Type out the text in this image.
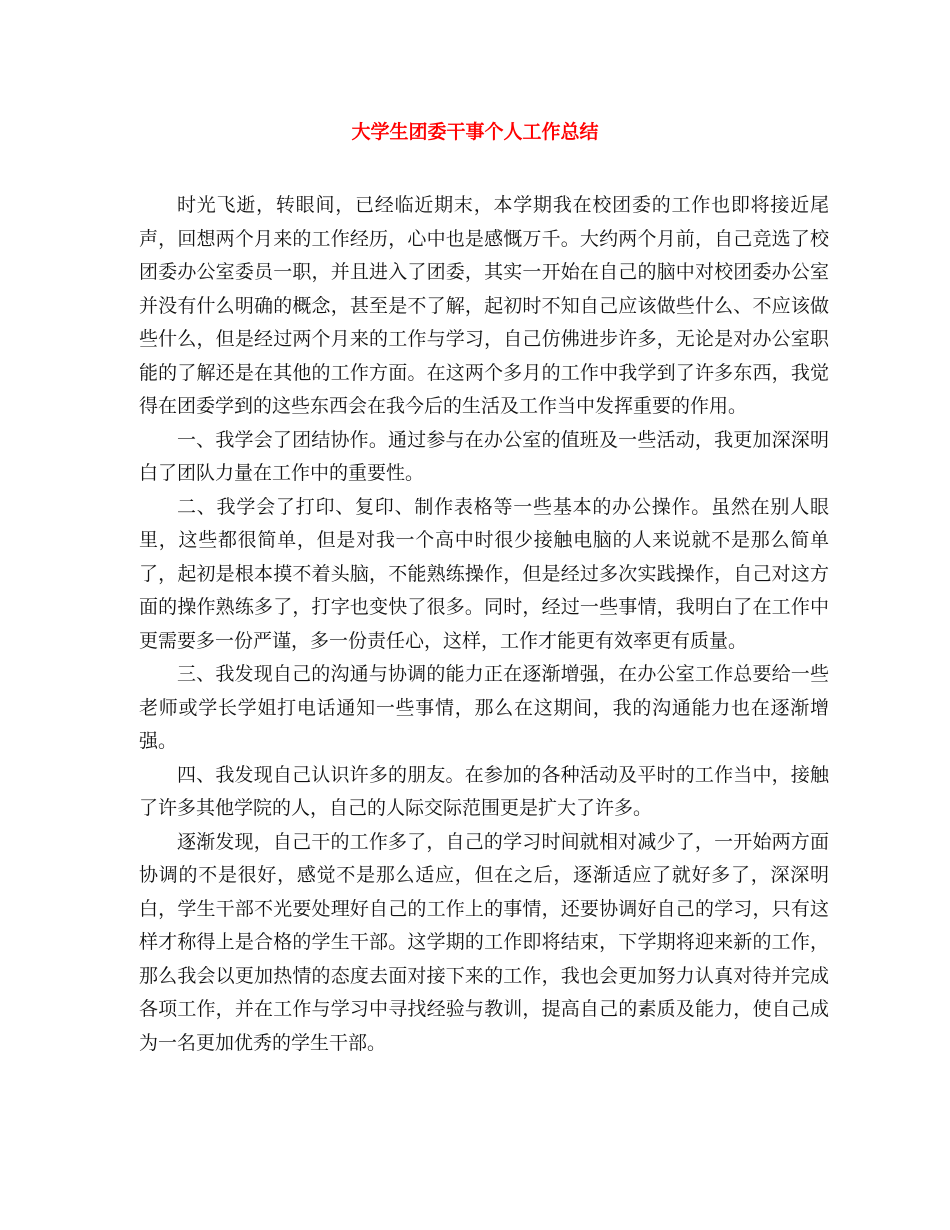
大学生团委干事个人工作总结

时光飞逝，转眼间，已经临近期末，本学期我在校团委的工作也即将接近尾声，回想两个月来的工作经历，心中也是感慨万千。大约两个月前，自己竞选了校团委办公室委员一职，并且进入了团委，其实一开始在自己的脑中对校团委办公室并没有什么明确的概念，甚至是不了解，起初时不知自己应该做些什么、不应该做些什么，但是经过两个月来的工作与学习，自己仿佛进步许多，无论是对办公室职能的了解还是在其他的工作方面。在这两个多月的工作中我学到了许多东西，我觉得在团委学到的这些东西会在我今后的生活及工作当中发挥重要的作用。

一、我学会了团结协作。通过参与在办公室的值班及一些活动，我更加深深明白了团队力量在工作中的重要性。

二、我学会了打印、复印、制作表格等一些基本的办公操作。虽然在别人眼里，这些都很简单，但是对我一个高中时很少接触电脑的人来说就不是那么简单了，起初是根本摸不着头脑，不能熟练操作，但是经过多次实践操作，自己对这方面的操作熟练多了，打字也变快了很多。同时，经过一些事情，我明白了在工作中更需要多一份严谨，多一份责任心，这样，工作才能更有效率更有质量。

三、我发现自己的沟通与协调的能力正在逐渐增强，在办公室工作总要给一些老师或学长学姐打电话通知一些事情，那么在这期间，我的沟通能力也在逐渐增强。

四、我发现自己认识许多的朋友。在参加的各种活动及平时的工作当中，接触了许多其他学院的人，自己的人际交际范围更是扩大了许多。

逐渐发现，自己干的工作多了，自己的学习时间就相对减少了，一开始两方面协调的不是很好，感觉不是那么适应，但在之后，逐渐适应了就好多了，深深明白，学生干部不光要处理好自己的工作上的事情，还要协调好自己的学习，只有这样才称得上是合格的学生干部。这学期的工作即将结束，下学期将迎来新的工作，那么我会以更加热情的态度去面对接下来的工作，我也会更加努力认真对待并完成各项工作，并在工作与学习中寻找经验与教训，提高自己的素质及能力，使自己成为一名更加优秀的学生干部。
